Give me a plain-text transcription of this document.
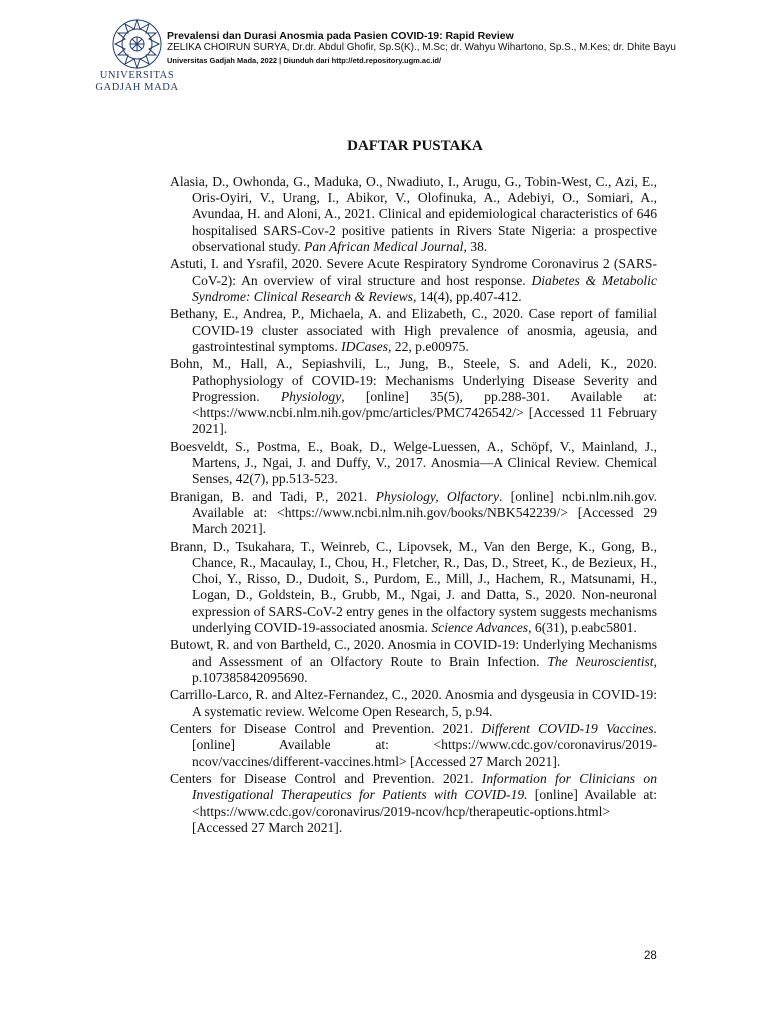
UNIVERSITAS
GADJAH MADA
Prevalensi dan Durasi Anosmia pada Pasien COVID-19: Rapid Review
ZELIKA CHOIRUN SURYA, Dr.dr. Abdul Ghofir, Sp.S(K)., M.Sc; dr. Wahyu Wihartono, Sp.S., M.Kes; dr. Dhite Bayu
Universitas Gadjah Mada, 2022 | Diunduh dari http://etd.repository.ugm.ac.id/
DAFTAR PUSTAKA
Alasia, D., Owhonda, G., Maduka, O., Nwadiuto, I., Arugu, G., Tobin-West, C., Azi, E., Oris-Oyiri, V., Urang, I., Abikor, V., Olofinuka, A., Adebiyi, O., Somiari, A., Avundaa, H. and Aloni, A., 2021. Clinical and epidemiological characteristics of 646 hospitalised SARS-Cov-2 positive patients in Rivers State Nigeria: a prospective observational study. Pan African Medical Journal, 38.
Astuti, I. and Ysrafil, 2020. Severe Acute Respiratory Syndrome Coronavirus 2 (SARS-CoV-2): An overview of viral structure and host response. Diabetes & Metabolic Syndrome: Clinical Research & Reviews, 14(4), pp.407-412.
Bethany, E., Andrea, P., Michaela, A. and Elizabeth, C., 2020. Case report of familial COVID-19 cluster associated with High prevalence of anosmia, ageusia, and gastrointestinal symptoms. IDCases, 22, p.e00975.
Bohn, M., Hall, A., Sepiashvili, L., Jung, B., Steele, S. and Adeli, K., 2020. Pathophysiology of COVID-19: Mechanisms Underlying Disease Severity and Progression. Physiology, [online] 35(5), pp.288-301. Available at: <https://www.ncbi.nlm.nih.gov/pmc/articles/PMC7426542/> [Accessed 11 February 2021].
Boesveldt, S., Postma, E., Boak, D., Welge-Luessen, A., Schöpf, V., Mainland, J., Martens, J., Ngai, J. and Duffy, V., 2017. Anosmia—A Clinical Review. Chemical Senses, 42(7), pp.513-523.
Branigan, B. and Tadi, P., 2021. Physiology, Olfactory. [online] ncbi.nlm.nih.gov. Available at: <https://www.ncbi.nlm.nih.gov/books/NBK542239/> [Accessed 29 March 2021].
Brann, D., Tsukahara, T., Weinreb, C., Lipovsek, M., Van den Berge, K., Gong, B., Chance, R., Macaulay, I., Chou, H., Fletcher, R., Das, D., Street, K., de Bezieux, H., Choi, Y., Risso, D., Dudoit, S., Purdom, E., Mill, J., Hachem, R., Matsunami, H., Logan, D., Goldstein, B., Grubb, M., Ngai, J. and Datta, S., 2020. Non-neuronal expression of SARS-CoV-2 entry genes in the olfactory system suggests mechanisms underlying COVID-19-associated anosmia. Science Advances, 6(31), p.eabc5801.
Butowt, R. and von Bartheld, C., 2020. Anosmia in COVID-19: Underlying Mechanisms and Assessment of an Olfactory Route to Brain Infection. The Neuroscientist, p.107385842095690.
Carrillo-Larco, R. and Altez-Fernandez, C., 2020. Anosmia and dysgeusia in COVID-19: A systematic review. Welcome Open Research, 5, p.94.
Centers for Disease Control and Prevention. 2021. Different COVID-19 Vaccines. [online] Available at: <https://www.cdc.gov/coronavirus/2019-ncov/vaccines/different-vaccines.html> [Accessed 27 March 2021].
Centers for Disease Control and Prevention. 2021. Information for Clinicians on Investigational Therapeutics for Patients with COVID-19. [online] Available at: <https://www.cdc.gov/coronavirus/2019-ncov/hcp/therapeutic-options.html> [Accessed 27 March 2021].
28
